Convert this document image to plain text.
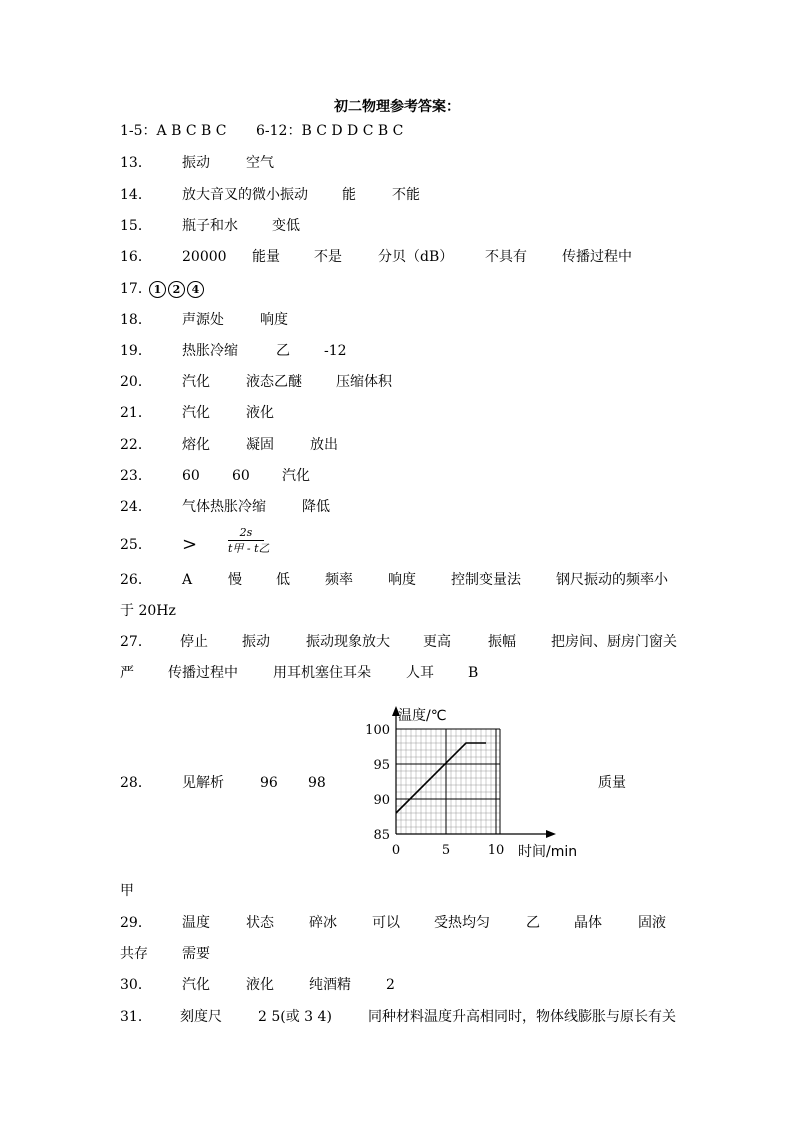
初二物理参考答案：
1-5：A B C B C 6-12：B C D D C B C
13． 振动	空气
14． 放大音叉的微小振动 能	不能
15． 瓶子和水 变低
16． 20000 能量 不是	分贝（dB） 不具有	传播过程中
17． 1 2 4
18． 声源处	响度
19． 热胀冷缩	乙 -12
20． 汽化	液态乙醚 压缩体积
21． 汽化	液化
22． 熔化	凝固	放出
23． 60 60 汽化
24． 气体热胀冷缩	降低
25． >
2s
t甲 - t乙
26． A	慢 低	频率	响度	控制变量法	钢尺振动的频率小
于 20Hz
27． 停止 振动	振动现象放大 更高	振幅	把房间、厨房门窗关
严 传播过程中	用耳机塞住耳朵	人耳 B
28． 见解析	96 98	质量
0	5	10
85
90
95
100
温度/℃
时间/min
甲
29． 温度	状态	碎冰	可以 受热均匀	乙 晶体	固液
共存 需要
30． 汽化	液化	纯酒精	2
31． 刻度尺	2 5(或 3 4)	同种材料温度升高相同时，物体线膨胀与原长有关
